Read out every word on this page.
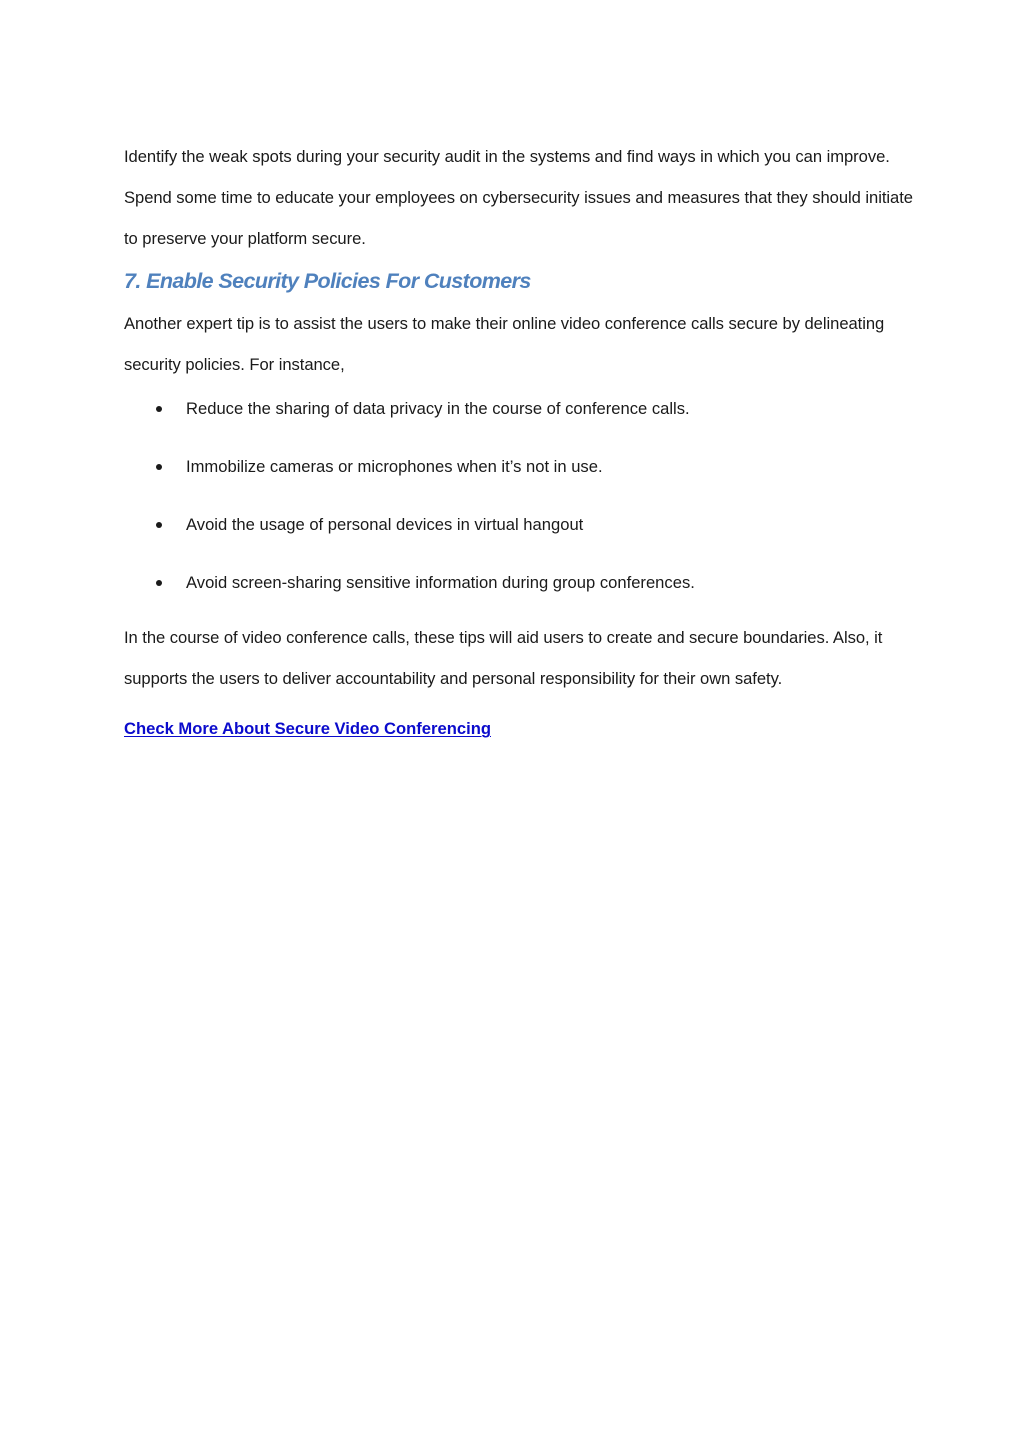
Identify the weak spots during your security audit in the systems and find ways in which you can improve. Spend some time to educate your employees on cybersecurity issues and measures that they should initiate to preserve your platform secure.

7. Enable Security Policies For Customers

Another expert tip is to assist the users to make their online video conference calls secure by delineating security policies. For instance,

Reduce the sharing of data privacy in the course of conference calls.
Immobilize cameras or microphones when it’s not in use.
Avoid the usage of personal devices in virtual hangout
Avoid screen-sharing sensitive information during group conferences.

In the course of video conference calls, these tips will aid users to create and secure boundaries. Also, it supports the users to deliver accountability and personal responsibility for their own safety.

Check More About Secure Video Conferencing
